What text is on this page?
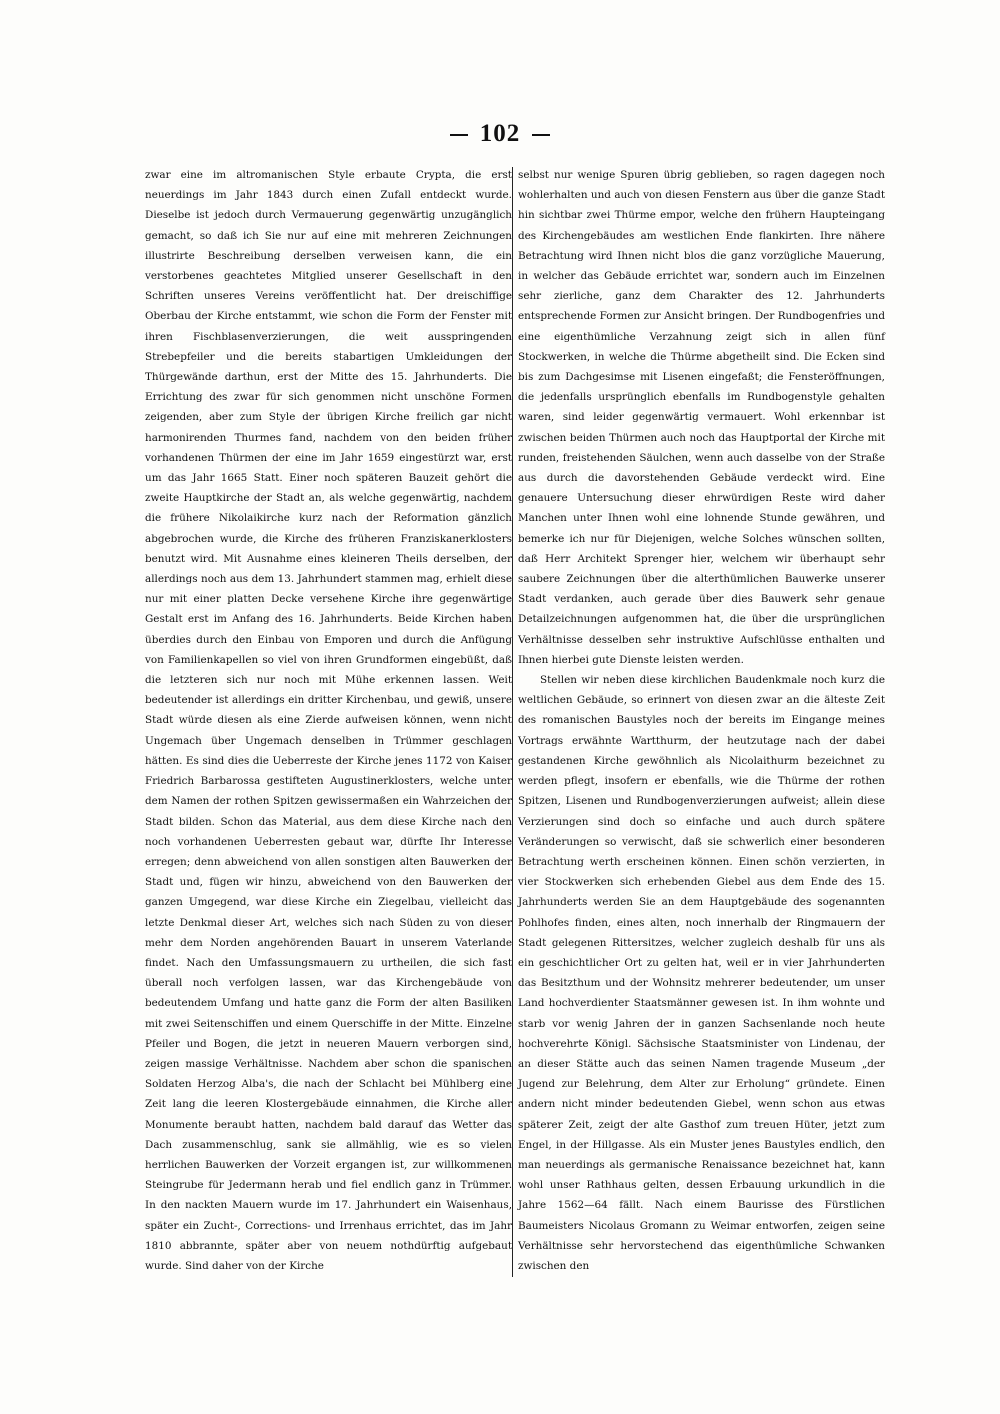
102

zwar eine im altromanischen Style erbaute Crypta, die erst neuerdings im Jahr 1843 durch einen Zufall entdeckt wurde. Dieselbe ist jedoch durch Vermauerung gegenwärtig unzugänglich gemacht, so daß ich Sie nur auf eine mit mehreren Zeichnungen illustrirte Beschreibung derselben verweisen kann, die ein verstorbenes geachtetes Mitglied unserer Gesellschaft in den Schriften unseres Vereins veröffentlicht hat. Der dreischiffige Oberbau der Kirche entstammt, wie schon die Form der Fenster mit ihren Fischblasenverzierungen, die weit ausspringenden Strebepfeiler und die bereits stabartigen Umkleidungen der Thürgewände darthun, erst der Mitte des 15. Jahrhunderts. Die Errichtung des zwar für sich genommen nicht unschöne Formen zeigenden, aber zum Style der übrigen Kirche freilich gar nicht harmonirenden Thurmes fand, nachdem von den beiden früher vorhandenen Thürmen der eine im Jahr 1659 eingestürzt war, erst um das Jahr 1665 Statt. Einer noch späteren Bauzeit gehört die zweite Hauptkirche der Stadt an, als welche gegenwärtig, nachdem die frühere Nikolaikirche kurz nach der Reformation gänzlich abgebrochen wurde, die Kirche des früheren Franziskanerklosters benutzt wird. Mit Ausnahme eines kleineren Theils derselben, der allerdings noch aus dem 13. Jahrhundert stammen mag, erhielt diese nur mit einer platten Decke versehene Kirche ihre gegenwärtige Gestalt erst im Anfang des 16. Jahrhunderts. Beide Kirchen haben überdies durch den Einbau von Emporen und durch die Anfügung von Familienkapellen so viel von ihren Grundformen eingebüßt, daß die letzteren sich nur noch mit Mühe erkennen lassen. Weit bedeutender ist allerdings ein dritter Kirchenbau, und gewiß, unsere Stadt würde diesen als eine Zierde aufweisen können, wenn nicht Ungemach über Ungemach denselben in Trümmer geschlagen hätten. Es sind dies die Ueberreste der Kirche jenes 1172 von Kaiser Friedrich Barbarossa gestifteten Augustinerklosters, welche unter dem Namen der rothen Spitzen gewissermaßen ein Wahrzeichen der Stadt bilden. Schon das Material, aus dem diese Kirche nach den noch vorhandenen Ueberresten gebaut war, dürfte Ihr Interesse erregen; denn abweichend von allen sonstigen alten Bauwerken der Stadt und, fügen wir hinzu, abweichend von den Bauwerken der ganzen Umgegend, war diese Kirche ein Ziegelbau, vielleicht das letzte Denkmal dieser Art, welches sich nach Süden zu von dieser mehr dem Norden angehörenden Bauart in unserem Vaterlande findet. Nach den Umfassungsmauern zu urtheilen, die sich fast überall noch verfolgen lassen, war das Kirchengebäude von bedeutendem Umfang und hatte ganz die Form der alten Basiliken mit zwei Seitenschiffen und einem Querschiffe in der Mitte. Einzelne Pfeiler und Bogen, die jetzt in neueren Mauern verborgen sind, zeigen massige Verhältnisse. Nachdem aber schon die spanischen Soldaten Herzog Alba's, die nach der Schlacht bei Mühlberg eine Zeit lang die leeren Klostergebäude einnahmen, die Kirche aller Monumente beraubt hatten, nachdem bald darauf das Wetter das Dach zusammenschlug, sank sie allmählig, wie es so vielen herrlichen Bauwerken der Vorzeit ergangen ist, zur willkommenen Steingrube für Jedermann herab und fiel endlich ganz in Trümmer. In den nackten Mauern wurde im 17. Jahrhundert ein Waisenhaus, später ein Zucht-, Corrections- und Irrenhaus errichtet, das im Jahr 1810 abbrannte, später aber von neuem nothdürftig aufgebaut wurde. Sind daher von der Kirche

selbst nur wenige Spuren übrig geblieben, so ragen dagegen noch wohlerhalten und auch von diesen Fenstern aus über die ganze Stadt hin sichtbar zwei Thürme empor, welche den frühern Haupteingang des Kirchengebäudes am westlichen Ende flankirten. Ihre nähere Betrachtung wird Ihnen nicht blos die ganz vorzügliche Mauerung, in welcher das Gebäude errichtet war, sondern auch im Einzelnen sehr zierliche, ganz dem Charakter des 12. Jahrhunderts entsprechende Formen zur Ansicht bringen. Der Rundbogenfries und eine eigenthümliche Verzahnung zeigt sich in allen fünf Stockwerken, in welche die Thürme abgetheilt sind. Die Ecken sind bis zum Dachgesimse mit Lisenen eingefaßt; die Fensteröffnungen, die jedenfalls ursprünglich ebenfalls im Rundbogenstyle gehalten waren, sind leider gegenwärtig vermauert. Wohl erkennbar ist zwischen beiden Thürmen auch noch das Hauptportal der Kirche mit runden, freistehenden Säulchen, wenn auch dasselbe von der Straße aus durch die davorstehenden Gebäude verdeckt wird. Eine genauere Untersuchung dieser ehrwürdigen Reste wird daher Manchen unter Ihnen wohl eine lohnende Stunde gewähren, und bemerke ich nur für Diejenigen, welche Solches wünschen sollten, daß Herr Architekt Sprenger hier, welchem wir überhaupt sehr saubere Zeichnungen über die alterthümlichen Bauwerke unserer Stadt verdanken, auch gerade über dies Bauwerk sehr genaue Detailzeichnungen aufgenommen hat, die über die ursprünglichen Verhältnisse desselben sehr instruktive Aufschlüsse enthalten und Ihnen hierbei gute Dienste leisten werden.

Stellen wir neben diese kirchlichen Baudenkmale noch kurz die weltlichen Gebäude, so erinnert von diesen zwar an die älteste Zeit des romanischen Baustyles noch der bereits im Eingange meines Vortrags erwähnte Wartthurm, der heutzutage nach der dabei gestandenen Kirche gewöhnlich als Nicolaithurm bezeichnet zu werden pflegt, insofern er ebenfalls, wie die Thürme der rothen Spitzen, Lisenen und Rundbogenverzierungen aufweist; allein diese Verzierungen sind doch so einfache und auch durch spätere Veränderungen so verwischt, daß sie schwerlich einer besonderen Betrachtung werth erscheinen können. Einen schön verzierten, in vier Stockwerken sich erhebenden Giebel aus dem Ende des 15. Jahrhunderts werden Sie an dem Hauptgebäude des sogenannten Pohlhofes finden, eines alten, noch innerhalb der Ringmauern der Stadt gelegenen Rittersitzes, welcher zugleich deshalb für uns als ein geschichtlicher Ort zu gelten hat, weil er in vier Jahrhunderten das Besitzthum und der Wohnsitz mehrerer bedeutender, um unser Land hochverdienter Staatsmänner gewesen ist. In ihm wohnte und starb vor wenig Jahren der in ganzen Sachsenlande noch heute hochverehrte Königl. Sächsische Staatsminister von Lindenau, der an dieser Stätte auch das seinen Namen tragende Museum „der Jugend zur Belehrung, dem Alter zur Erholung“ gründete. Einen andern nicht minder bedeutenden Giebel, wenn schon aus etwas späterer Zeit, zeigt der alte Gasthof zum treuen Hüter, jetzt zum Engel, in der Hillgasse. Als ein Muster jenes Baustyles endlich, den man neuerdings als germanische Renaissance bezeichnet hat, kann wohl unser Rathhaus gelten, dessen Erbauung urkundlich in die Jahre 1562—64 fällt. Nach einem Baurisse des Fürstlichen Baumeisters Nicolaus Gromann zu Weimar entworfen, zeigen seine Verhältnisse sehr hervorstechend das eigenthümliche Schwanken zwischen den
